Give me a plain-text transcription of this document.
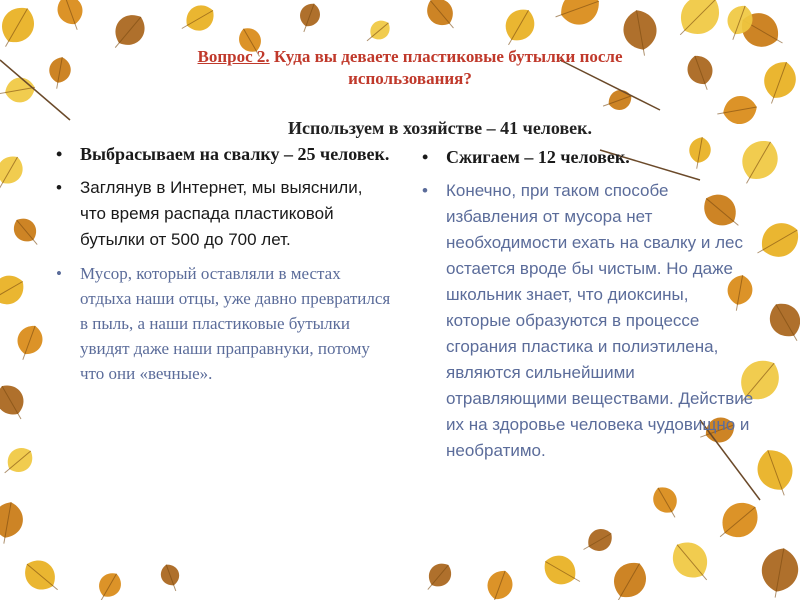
Вопрос 2. Куда вы деваете пластиковые бутылки после использования?
Используем в хозяйстве – 41 человек.
• Выбрасываем на свалку – 25 человек.
• Заглянув в Интернет, мы выяснили, что время распада пластиковой бутылки от 500 до 700 лет.
• Мусор, который оставляли в местах отдыха наши отцы, уже давно превратился в пыль, а наши пластиковые бутылки увидят даже наши праправнуки, потому что они «вечные».
• Сжигаем – 12 человек.
• Конечно, при таком способе избавления от мусора нет необходимости ехать на свалку и лес остается вроде бы чистым. Но даже школьник знает, что диоксины, которые образуются в процессе сгорания пластика и полиэтилена, являются сильнейшими отравляющими веществами. Действие их на здоровье человека чудовищно и необратимо.
